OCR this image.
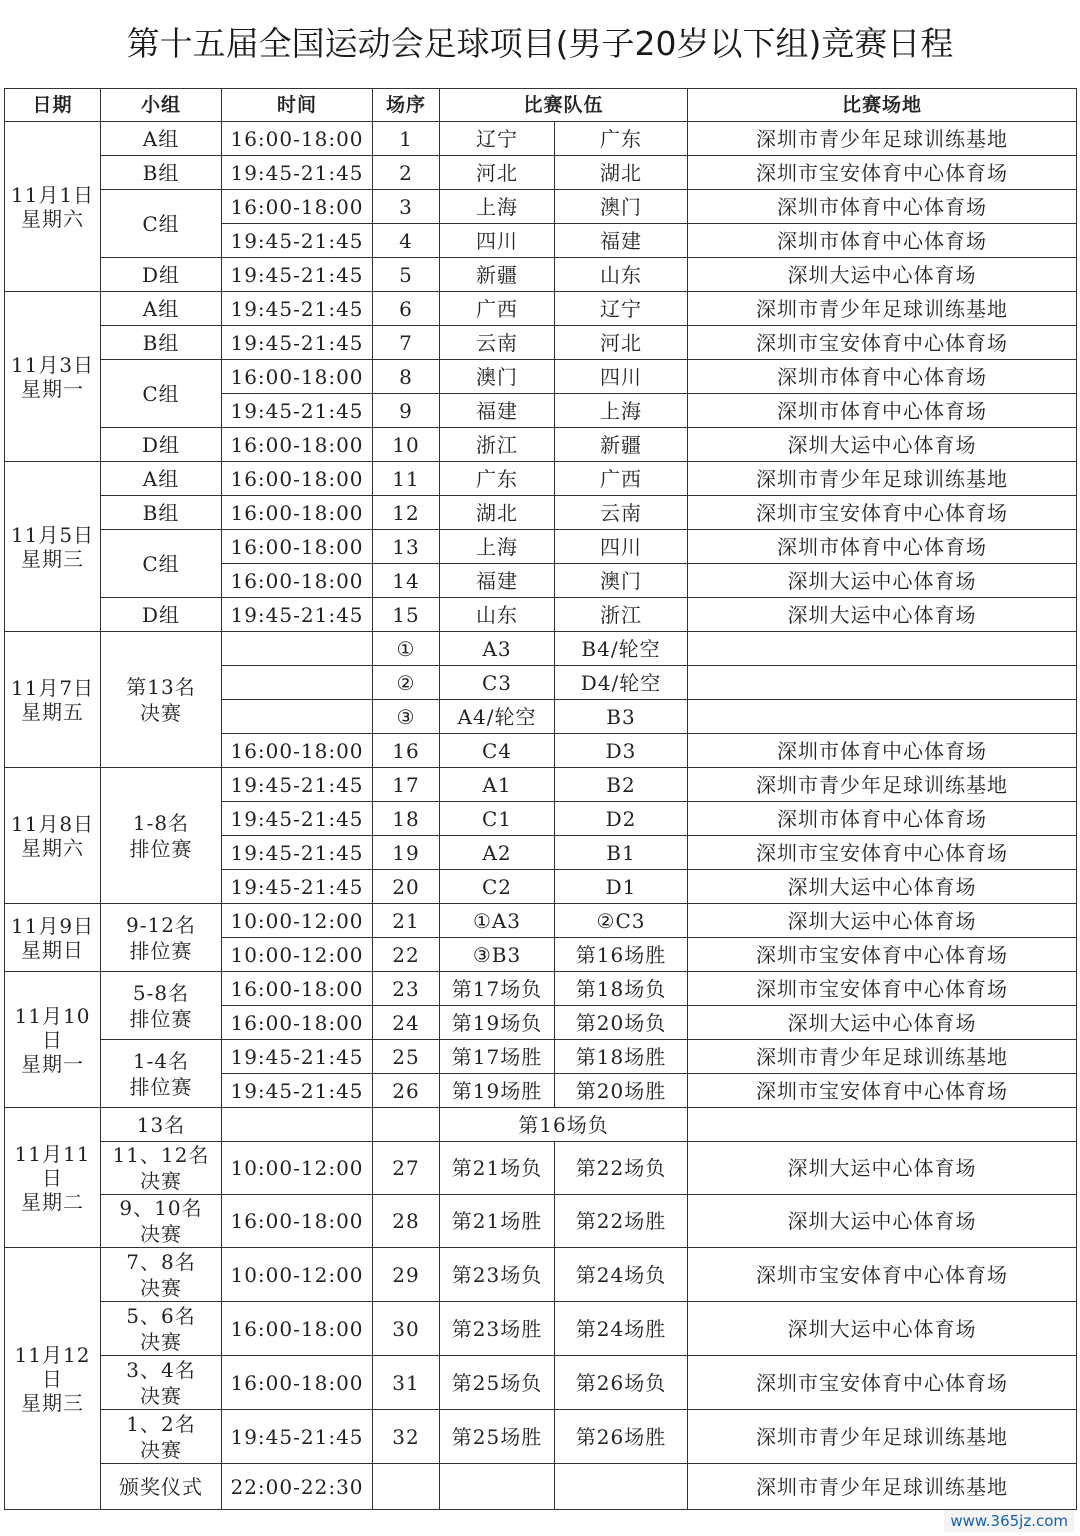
第十五届全国运动会足球项目(男子20岁以下组)竞赛日程
日期	小组	时间	场序	比赛队伍		比赛场地
11月1日
星期六	A组	16:00-18:00	1	辽宁	广东	深圳市青少年足球训练基地
	B组	19:45-21:45	2	河北	湖北	深圳市宝安体育中心体育场
	C组	16:00-18:00	3	上海	澳门	深圳市体育中心体育场
		19:45-21:45	4	四川	福建	深圳市体育中心体育场
	D组	19:45-21:45	5	新疆	山东	深圳大运中心体育场
11月3日
星期一	A组	19:45-21:45	6	广西	辽宁	深圳市青少年足球训练基地
	B组	19:45-21:45	7	云南	河北	深圳市宝安体育中心体育场
	C组	16:00-18:00	8	澳门	四川	深圳市体育中心体育场
		19:45-21:45	9	福建	上海	深圳市体育中心体育场
	D组	16:00-18:00	10	浙江	新疆	深圳大运中心体育场
11月5日
星期三	A组	16:00-18:00	11	广东	广西	深圳市青少年足球训练基地
	B组	16:00-18:00	12	湖北	云南	深圳市宝安体育中心体育场
	C组	16:00-18:00	13	上海	四川	深圳市体育中心体育场
		16:00-18:00	14	福建	澳门	深圳大运中心体育场
	D组	19:45-21:45	15	山东	浙江	深圳大运中心体育场
11月7日
星期五	第13名
决赛		①	A3	B4/轮空	
			②	C3	D4/轮空	
			③	A4/轮空	B3	
		16:00-18:00	16	C4	D3	深圳市体育中心体育场
11月8日
星期六	1-8名
排位赛	19:45-21:45	17	A1	B2	深圳市青少年足球训练基地
		19:45-21:45	18	C1	D2	深圳市体育中心体育场
		19:45-21:45	19	A2	B1	深圳市宝安体育中心体育场
		19:45-21:45	20	C2	D1	深圳大运中心体育场
11月9日
星期日	9-12名
排位赛	10:00-12:00	21	①A3	②C3	深圳大运中心体育场
		10:00-12:00	22	③B3	第16场胜	深圳市宝安体育中心体育场
11月10
日
星期一	5-8名
排位赛	16:00-18:00	23	第17场负	第18场负	深圳市宝安体育中心体育场
		16:00-18:00	24	第19场负	第20场负	深圳大运中心体育场
	1-4名
排位赛	19:45-21:45	25	第17场胜	第18场胜	深圳市青少年足球训练基地
		19:45-21:45	26	第19场胜	第20场胜	深圳市宝安体育中心体育场
11月11
日
星期二	13名			第16场负		
	11、12名
决赛	10:00-12:00	27	第21场负	第22场负	深圳大运中心体育场
	9、10名
决赛	16:00-18:00	28	第21场胜	第22场胜	深圳大运中心体育场
11月12
日
星期三	7、8名
决赛	10:00-12:00	29	第23场负	第24场负	深圳市宝安体育中心体育场
	5、6名
决赛	16:00-18:00	30	第23场胜	第24场胜	深圳大运中心体育场
	3、4名
决赛	16:00-18:00	31	第25场负	第26场负	深圳市宝安体育中心体育场
	1、2名
决赛	19:45-21:45	32	第25场胜	第26场胜	深圳市青少年足球训练基地
	颁奖仪式	22:00-22:30				深圳市青少年足球训练基地
www.365jz.com
